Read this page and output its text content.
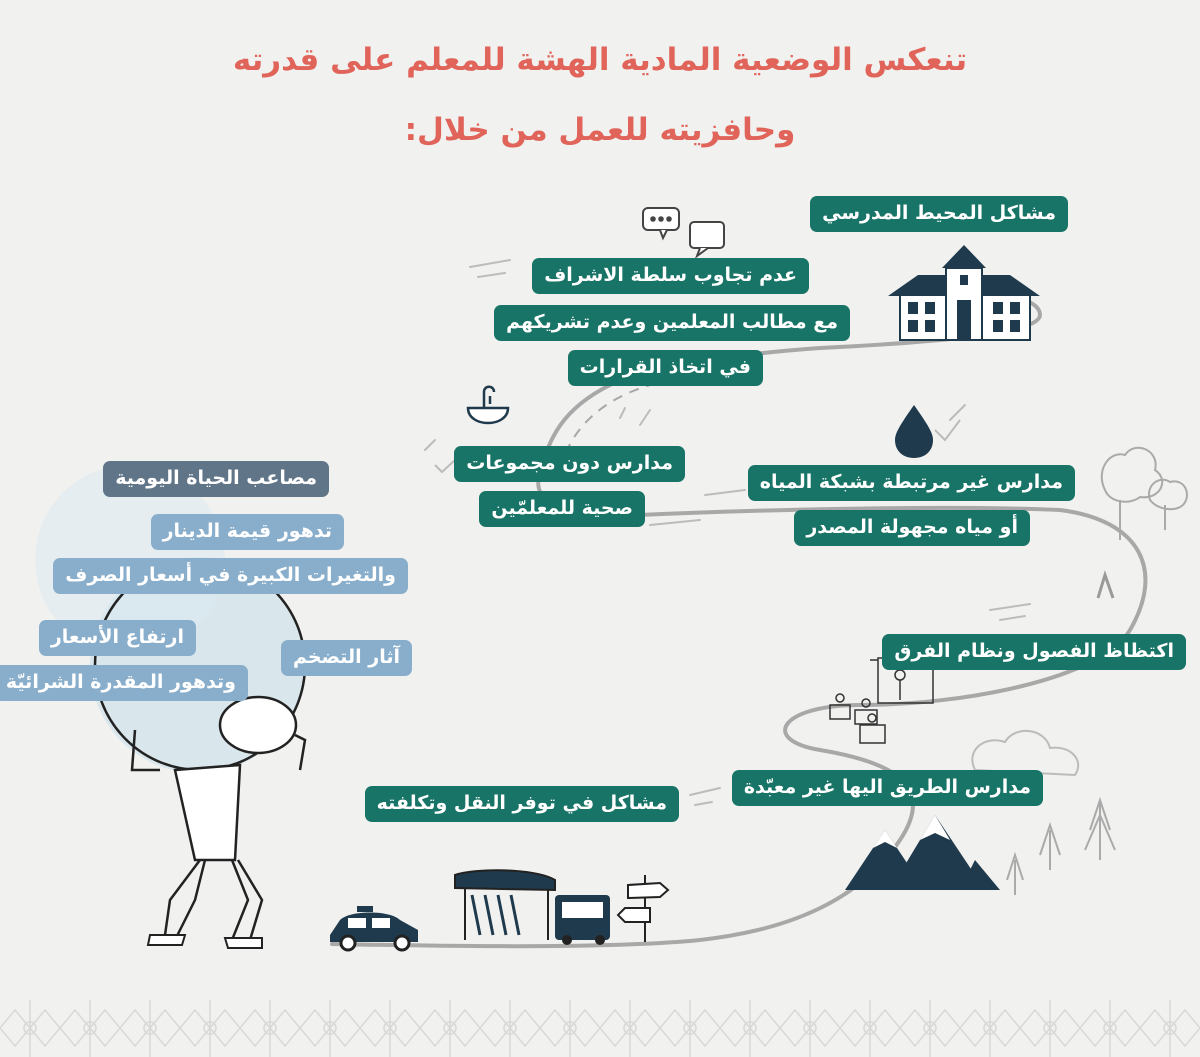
تنعكس الوضعية المادية الهشة للمعلم على قدرته
وحافزيته للعمل من خلال:
مشاكل المحيط المدرسي
عدم تجاوب سلطة الاشراف
مع مطالب المعلمين وعدم تشريكهم
في اتخاذ القرارات
مدارس دون مجموعات
صحية للمعلمّين
مدارس غير مرتبطة بشبكة المياه
أو مياه مجهولة المصدر
اكتظاظ الفصول ونظام الفرق
مدارس الطريق اليها غير معبّدة
مشاكل في توفر النقل وتكلفته
مصاعب الحياة اليومية
تدهور قيمة الدينار
والتغيرات الكبيرة في أسعار الصرف
ارتفاع الأسعار
وتدهور المقدرة الشرائيّة
آثار التضخم
